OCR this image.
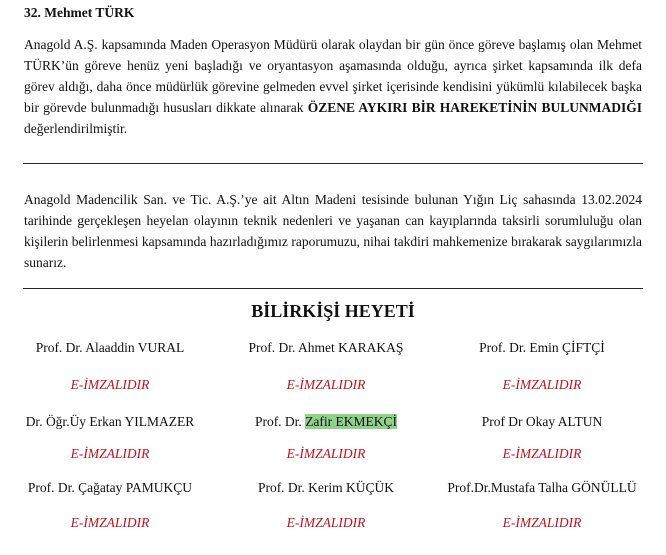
32. Mehmet TÜRK

Anagold A.Ş. kapsamında Maden Operasyon Müdürü olarak olaydan bir gün önce göreve başlamış olan Mehmet TÜRK’ün göreve henüz yeni başladığı ve oryantasyon aşamasında olduğu, ayrıca şirket kapsamında ilk defa görev aldığı, daha önce müdürlük görevine gelmeden evvel şirket içerisinde kendisini yükümlü kılabilecek başka bir görevde bulunmadığı hususları dikkate alınarak ÖZENE AYKIRI BİR HAREKETİNİN BULUNMADIĞI değerlendirilmiştir.

Anagold Madencilik San. ve Tic. A.Ş.’ye ait Altın Madeni tesisinde bulunan Yığın Liç sahasında 13.02.2024 tarihinde gerçekleşen heyelan olayının teknik nedenleri ve yaşanan can kayıplarında taksirli sorumluluğu olan kişilerin belirlenmesi kapsamında hazırladığımız raporumuzu, nihai takdiri mahkemenize bırakarak saygılarımızla sunarız.

BİLİRKİŞİ HEYETİ
Prof. Dr. Alaaddin VURAL	Prof. Dr. Ahmet KARAKAŞ	Prof. Dr. Emin ÇİFTÇİ
E-İMZALIDIR	E-İMZALIDIR	E-İMZALIDIR
Dr. Öğr.Üy Erkan YILMAZER	Prof. Dr. Zafir EKMEKÇİ	Prof Dr Okay ALTUN
E-İMZALIDIR	E-İMZALIDIR	E-İMZALIDIR
Prof. Dr. Çağatay PAMUKÇU	Prof. Dr. Kerim KÜÇÜK	Prof.Dr.Mustafa Talha GÖNÜLLÜ
E-İMZALIDIR	E-İMZALIDIR	E-İMZALIDIR
